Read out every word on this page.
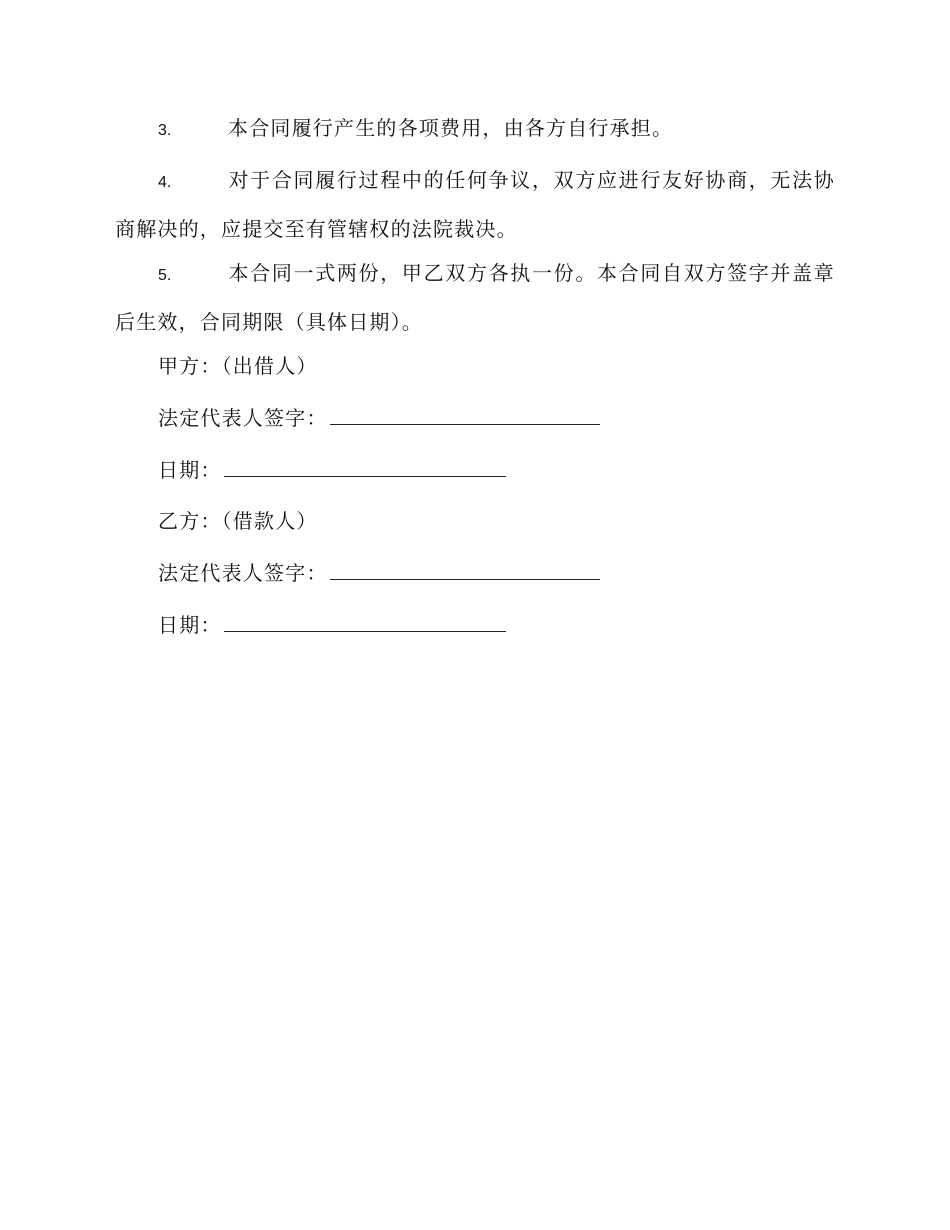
3.	本合同履行产生的各项费用，由各方自行承担。
4.	对于合同履行过程中的任何争议，双方应进行友好协商，无法协
商解决的，应提交至有管辖权的法院裁决。
5.	本合同一式两份，甲乙双方各执一份。本合同自双方签字并盖章
后生效，合同期限（具体日期）。
甲方：（出借人）
法定代表人签字：
日期：
乙方：（借款人）
法定代表人签字：
日期：
